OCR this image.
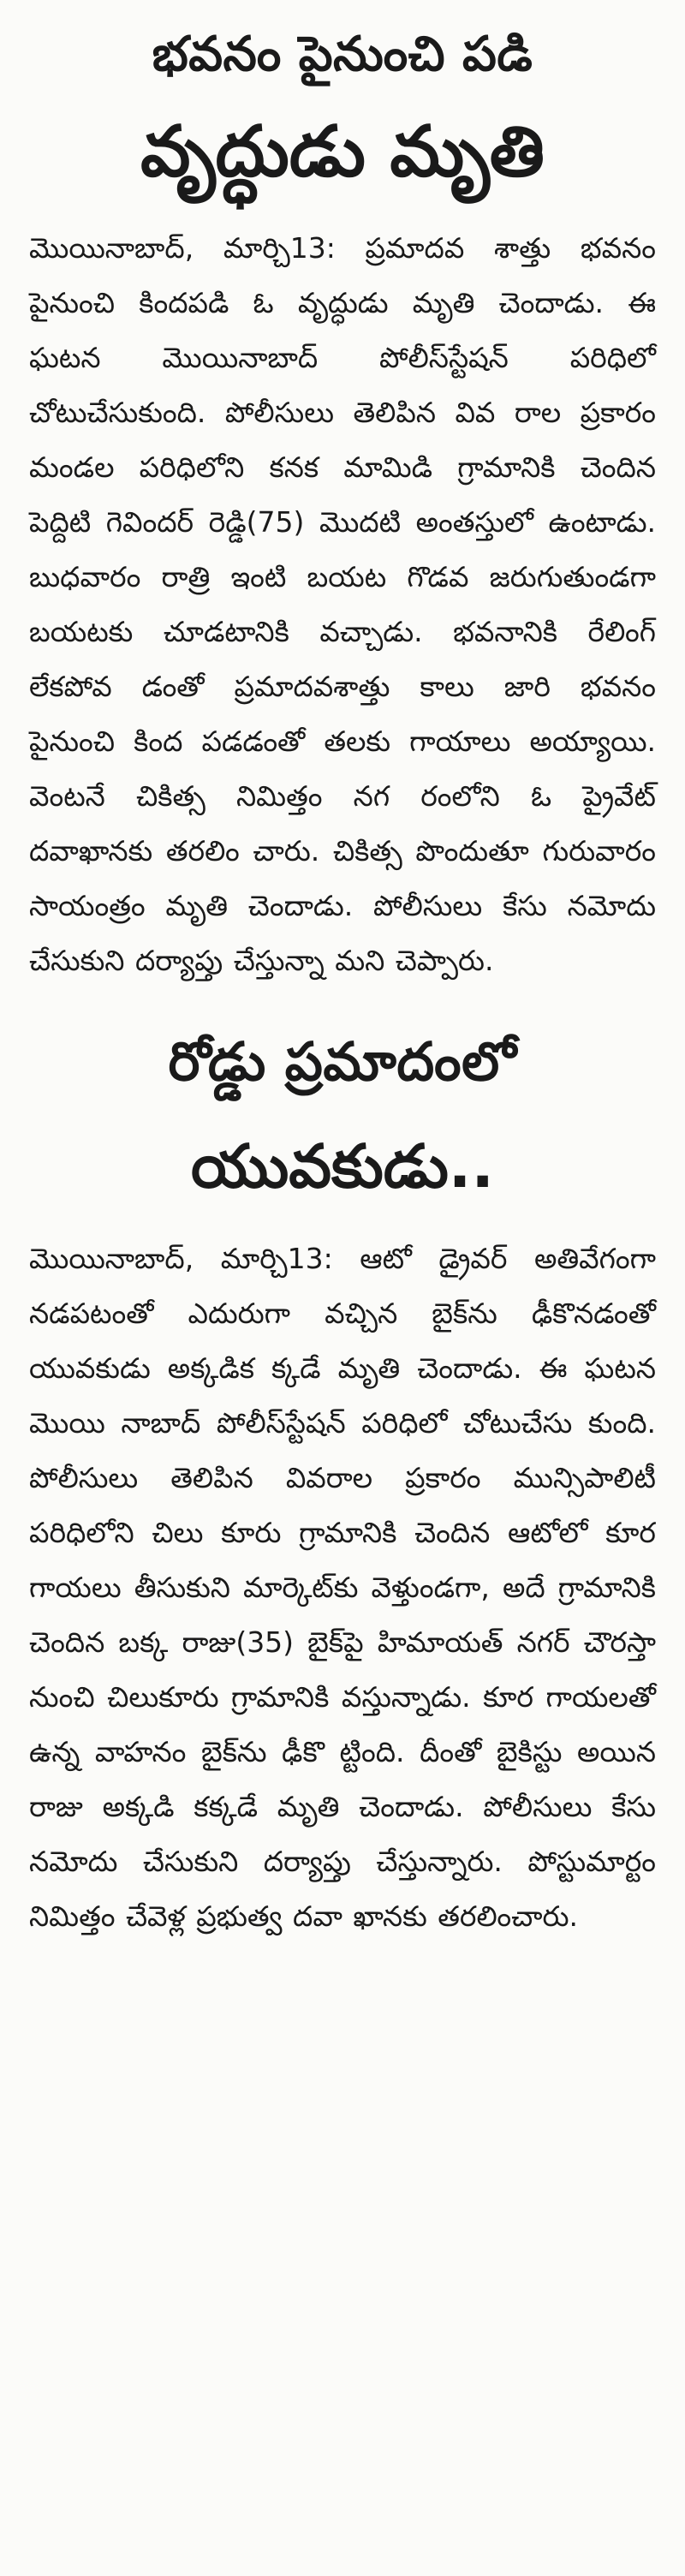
భవనం పైనుంచి పడి
వృద్ధుడు మృతి

మొయినాబాద్‌, మార్చి13: ప్రమాదవ శాత్తు భవనం పైనుంచి కిందపడి ఓ వృద్ధుడు మృతి చెందాడు. ఈ ఘటన మొయినాబాద్‌ పోలీస్‌స్టేషన్‌ పరిధిలో చోటుచేసుకుంది. పోలీసులు తెలిపిన వివ రాల ప్రకారం మండల పరిధిలోని కనక మామిడి గ్రామానికి చెందిన పెద్దిటి గెవిందర్‌ రెడ్డి(75) మొదటి అంతస్తులో ఉంటాడు. బుధవారం రాత్రి ఇంటి బయట గొడవ జరుగుతుండగా బయటకు చూడటానికి వచ్చాడు. భవనానికి రేలింగ్‌ లేకపోవ డంతో ప్రమాదవశాత్తు కాలు జారి భవనం పైనుంచి కింద పడడంతో తలకు గాయాలు అయ్యాయి. వెంటనే చికిత్స నిమిత్తం నగ రంలోని ఓ ప్రైవేట్‌ దవాఖానకు తరలిం చారు. చికిత్స పొందుతూ గురువారం సాయంత్రం మృతి చెందాడు. పోలీసులు కేసు నమోదు చేసుకుని దర్యాప్తు చేస్తున్నా మని చెప్పారు.

రోడ్డు ప్రమాదంలో
యువకుడు..

మొయినాబాద్‌, మార్చి13: ఆటో డ్రైవర్‌ అతివేగంగా నడపటంతో ఎదురుగా వచ్చిన బైక్‌ను ఢీకొనడంతో యువకుడు అక్కడిక క్కడే మృతి చెందాడు. ఈ ఘటన మొయి నాబాద్‌ పోలీస్‌స్టేషన్‌ పరిధిలో చోటుచేసు కుంది. పోలీసులు తెలిపిన వివరాల ప్రకారం మున్సిపాలిటీ పరిధిలోని చిలు కూరు గ్రామానికి చెందిన ఆటోలో కూర గాయలు తీసుకుని మార్కెట్‌కు వెళ్తుండగా, అదే గ్రామానికి చెందిన బక్క రాజు(35) బైక్‌పై హిమాయత్‌ నగర్‌ చౌరస్తా నుంచి చిలుకూరు గ్రామానికి వస్తున్నాడు. కూర గాయలతో ఉన్న వాహనం బైక్‌ను ఢీకొ ట్టింది. దీంతో బైకిస్టు అయిన రాజు అక్కడి కక్కడే మృతి చెందాడు. పోలీసులు కేసు నమోదు చేసుకుని దర్యాప్తు చేస్తున్నారు. పోస్టుమార్టం నిమిత్తం చేవెళ్ల ప్రభుత్వ దవా ఖానకు తరలించారు.
